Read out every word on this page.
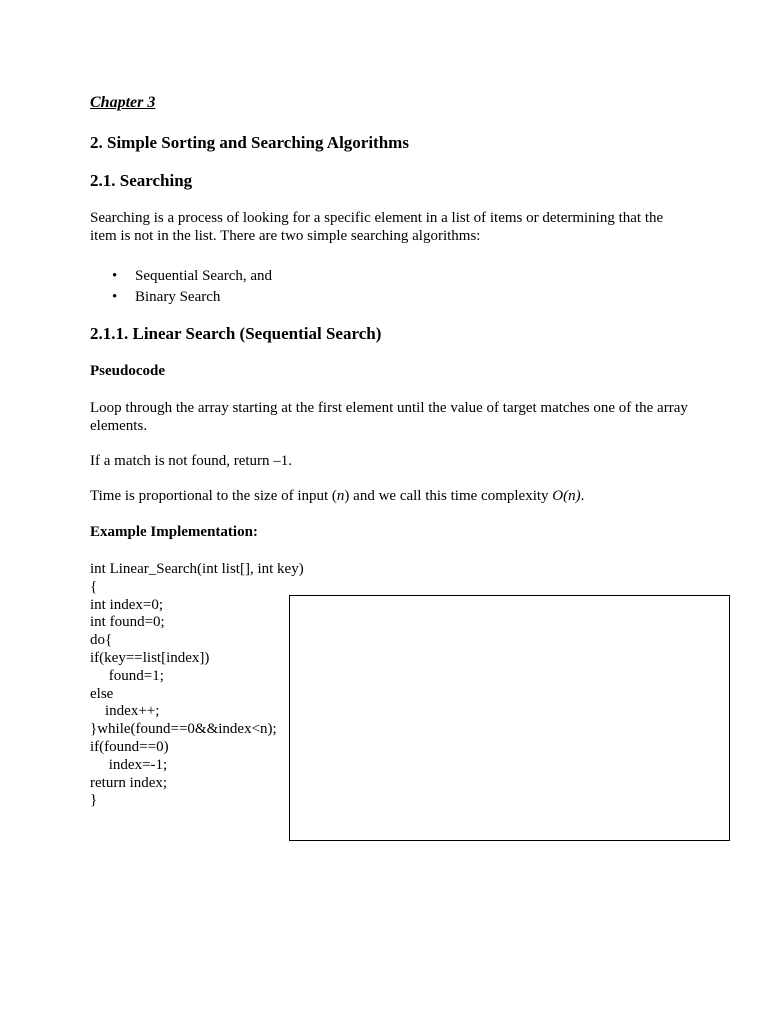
Chapter 3
2. Simple Sorting and Searching Algorithms
2.1. Searching
Searching is a process of looking for a specific element in a list of items or determining that the item is not in the list. There are two simple searching algorithms:
•	Sequential Search, and
•	Binary Search
2.1.1. Linear Search (Sequential Search)
Pseudocode
Loop through the array starting at the first element until the value of target matches one of the array elements.
If a match is not found, return –1.
Time is proportional to the size of input (n) and we call this time complexity O(n).
Example Implementation:
int Linear_Search(int list[], int key)
{
int index=0;
int found=0;
do{
if(key==list[index])
found=1;
else
index++;
}while(found==0&&index<n);
if(found==0)
index=-1;
return index;
}
